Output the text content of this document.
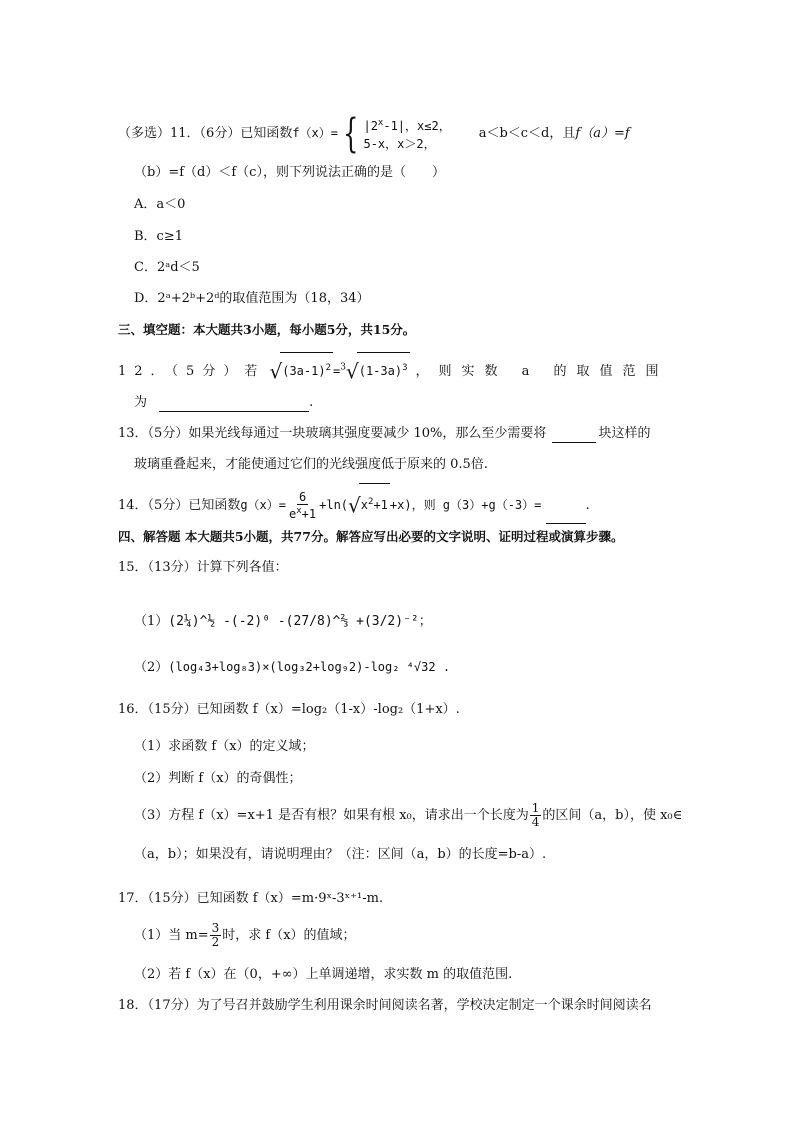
（多选）11．（6分）已知函数f（x）= { |2$^x$-1|，x≤2，
5-x，x＞2，
a＜b＜c＜d，且f（a）=f
（b）=f（d）＜f（c），则下列说法正确的是（　　）
A．a＜0
B．c≥1
C．2ᵃd＜5
D．2ᵃ+2ᵇ+2ᵈ的取值范围为（18，34）
三、填空题：本大题共3小题，每小题5分，共15分。
12．（5分）若 $√(3a-1)^2 =^3√(1-3a)^3$ ，则实数 a 的取值范围
为	.
13．（5分）如果光线每通过一块玻璃其强度要减少 10%，那么至少需要将	块这样的
玻璃重叠起来，才能使通过它们的光线强度低于原来的 0.5倍.
14．（5分）已知函数$g(x)= \frac{6}{e^x+1} +\ln(√x^2+1 +x)$，则 g（3）+g（-3）=	.
四、解答题 本大题共5小题，共77分。解答应写出必要的文字说明、证明过程或演算步骤。
15．（13分）计算下列各值：
（1）(2¼)^½ -(-2)⁰ -(27/8)^⅔ +(3/2)⁻²；
（2）(log₄3+log₈3)×(log₃2+log₉2)-log₂ ⁴√32 .
16．（15分）已知函数 f（x）=log₂（1-x）-log₂（1+x）.
（1）求函数 f（x）的定义域；
（2）判断 f（x）的奇偶性；
（3）方程 f（x）=x+1 是否有根？如果有根 x₀，请求出一个长度为 $\frac{1}{4}$ 的区间（a，b），使 x₀∈
（a，b）；如果没有，请说明理由？（注：区间（a，b）的长度=b-a）.
17．（15分）已知函数 f（x）=m·9ˣ-3ˣ⁺¹-m.
（1）当 $m= \frac{3}{2}$ 时，求 f（x）的值域；
（2）若 f（x）在（0，+∞）上单调递增，求实数 m 的取值范围.
18．（17分）为了号召并鼓励学生利用课余时间阅读名著，学校决定制定一个课余时间阅读名
